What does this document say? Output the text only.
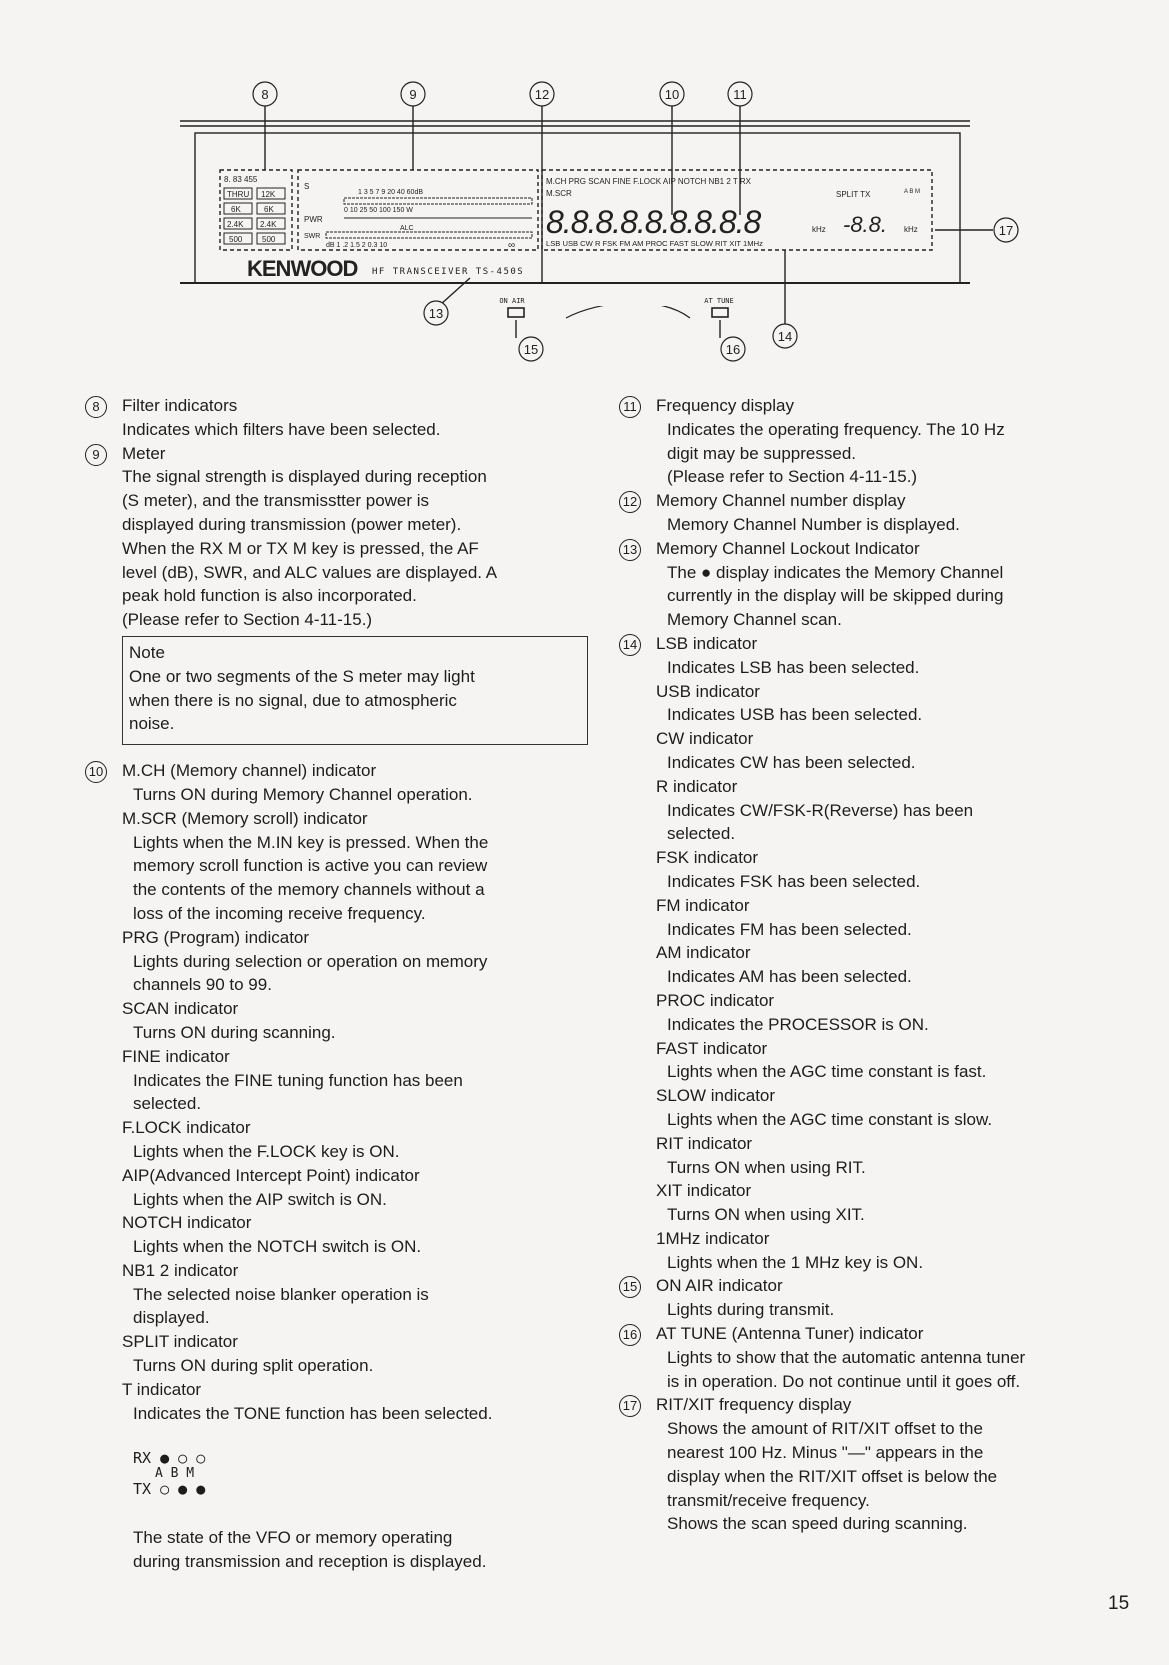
8	9	12	10	11
17
13
15	16
14
8. 83 455
THRU 12K
6K	6K
2.4K 2.4K
500 500
S
1 3 5 7 9 20 40 60dB
0 10 25 50 100 150 W
PWR
ALC
SWR
dB 1 .2 1.5 2 0.3 10	∞
M.CH PRG SCAN FINE F.LOCK AIP NOTCH NB1 2 T RX
M.SCR	SPLIT TX	A B M
8.8.8.8.8.8.8.8.8	kHz -8.8. kHz
LSB USB CW R FSK FM AM PROC FAST SLOW RIT XIT 1MHz
KENWOOD HF TRANSCEIVER TS-450S
ON AIR	AT TUNE
8	Filter indicators
Indicates which filters have been selected.
9	Meter
The signal strength is displayed during reception
(S meter), and the transmisstter power is
displayed during transmission (power meter).
When the RX M or TX M key is pressed, the AF
level (dB), SWR, and ALC values are displayed. A
peak hold function is also incorporated.
(Please refer to Section 4-11-15.)
Note
One or two segments of the S meter may light
when there is no signal, due to atmospheric
noise.
10	M.CH (Memory channel) indicator
Turns ON during Memory Channel operation.
M.SCR (Memory scroll) indicator
Lights when the M.IN key is pressed. When the
memory scroll function is active you can review
the contents of the memory channels without a
loss of the incoming receive frequency.
PRG (Program) indicator
Lights during selection or operation on memory
channels 90 to 99.
SCAN indicator
Turns ON during scanning.
FINE indicator
Indicates the FINE tuning function has been
selected.
F.LOCK indicator
Lights when the F.LOCK key is ON.
AIP(Advanced Intercept Point) indicator
Lights when the AIP switch is ON.
NOTCH indicator
Lights when the NOTCH switch is ON.
NB1 2 indicator
The selected noise blanker operation is
displayed.
SPLIT indicator
Turns ON during split operation.
T indicator
Indicates the TONE function has been selected.
RX ● ○ ○
A B M
TX ○ ● ●
The state of the VFO or memory operating
during transmission and reception is displayed.
11	Frequency display
Indicates the operating frequency. The 10 Hz
digit may be suppressed.
(Please refer to Section 4-11-15.)
12	Memory Channel number display
Memory Channel Number is displayed.
13	Memory Channel Lockout Indicator
The ● display indicates the Memory Channel
currently in the display will be skipped during
Memory Channel scan.
14	LSB indicator
Indicates LSB has been selected.
USB indicator
Indicates USB has been selected.
CW indicator
Indicates CW has been selected.
R indicator
Indicates CW/FSK-R(Reverse) has been
selected.
FSK indicator
Indicates FSK has been selected.
FM indicator
Indicates FM has been selected.
AM indicator
Indicates AM has been selected.
PROC indicator
Indicates the PROCESSOR is ON.
FAST indicator
Lights when the AGC time constant is fast.
SLOW indicator
Lights when the AGC time constant is slow.
RIT indicator
Turns ON when using RIT.
XIT indicator
Turns ON when using XIT.
1MHz indicator
Lights when the 1 MHz key is ON.
15	ON AIR indicator
Lights during transmit.
16	AT TUNE (Antenna Tuner) indicator
Lights to show that the automatic antenna tuner
is in operation. Do not continue until it goes off.
17	RIT/XIT frequency display
Shows the amount of RIT/XIT offset to the
nearest 100 Hz. Minus "—" appears in the
display when the RIT/XIT offset is below the
transmit/receive frequency.
Shows the scan speed during scanning.
15
